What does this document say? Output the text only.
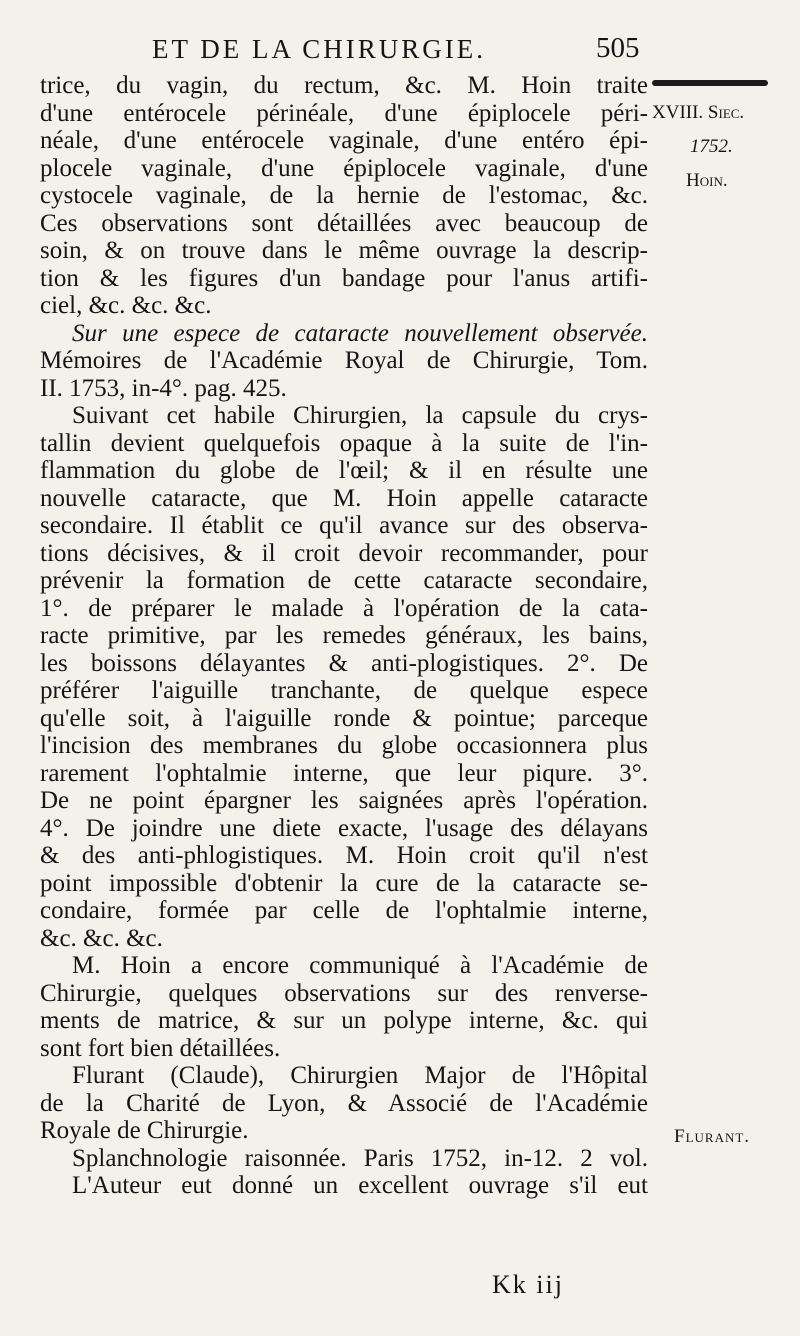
ET DE LA CHIRURGIE.	505
XVIII. Siec.
1752.
Hoin.
Flurant.
trice, du vagin, du rectum, &c. M. Hoin traite
d'une entérocele périnéale, d'une épiplocele péri-
néale, d'une entérocele vaginale, d'une entéro épi-
plocele vaginale, d'une épiplocele vaginale, d'une
cystocele vaginale, de la hernie de l'estomac, &c.
Ces observations sont détaillées avec beaucoup de
soin, & on trouve dans le même ouvrage la descrip-
tion & les figures d'un bandage pour l'anus artifi-
ciel, &c. &c. &c.
Sur une espece de cataracte nouvellement observée.
Mémoires de l'Académie Royal de Chirurgie, Tom.
II. 1753, in-4°. pag. 425.
Suivant cet habile Chirurgien, la capsule du crys-
tallin devient quelquefois opaque à la suite de l'in-
flammation du globe de l'œil; & il en résulte une
nouvelle cataracte, que M. Hoin appelle cataracte
secondaire. Il établit ce qu'il avance sur des observa-
tions décisives, & il croit devoir recommander, pour
prévenir la formation de cette cataracte secondaire,
1°. de préparer le malade à l'opération de la cata-
racte primitive, par les remedes généraux, les bains,
les boissons délayantes & anti-plogistiques. 2°. De
préférer l'aiguille tranchante, de quelque espece
qu'elle soit, à l'aiguille ronde & pointue; parceque
l'incision des membranes du globe occasionnera plus
rarement l'ophtalmie interne, que leur piqure. 3°.
De ne point épargner les saignées après l'opération.
4°. De joindre une diete exacte, l'usage des délayans
& des anti-phlogistiques. M. Hoin croit qu'il n'est
point impossible d'obtenir la cure de la cataracte se-
condaire, formée par celle de l'ophtalmie interne,
&c. &c. &c.
M. Hoin a encore communiqué à l'Académie de
Chirurgie, quelques observations sur des renverse-
ments de matrice, & sur un polype interne, &c. qui
sont fort bien détaillées.
Flurant (Claude), Chirurgien Major de l'Hôpital
de la Charité de Lyon, & Associé de l'Académie
Royale de Chirurgie.
Splanchnologie raisonnée. Paris 1752, in-12. 2 vol.
L'Auteur eut donné un excellent ouvrage s'il eut
Kk iij
